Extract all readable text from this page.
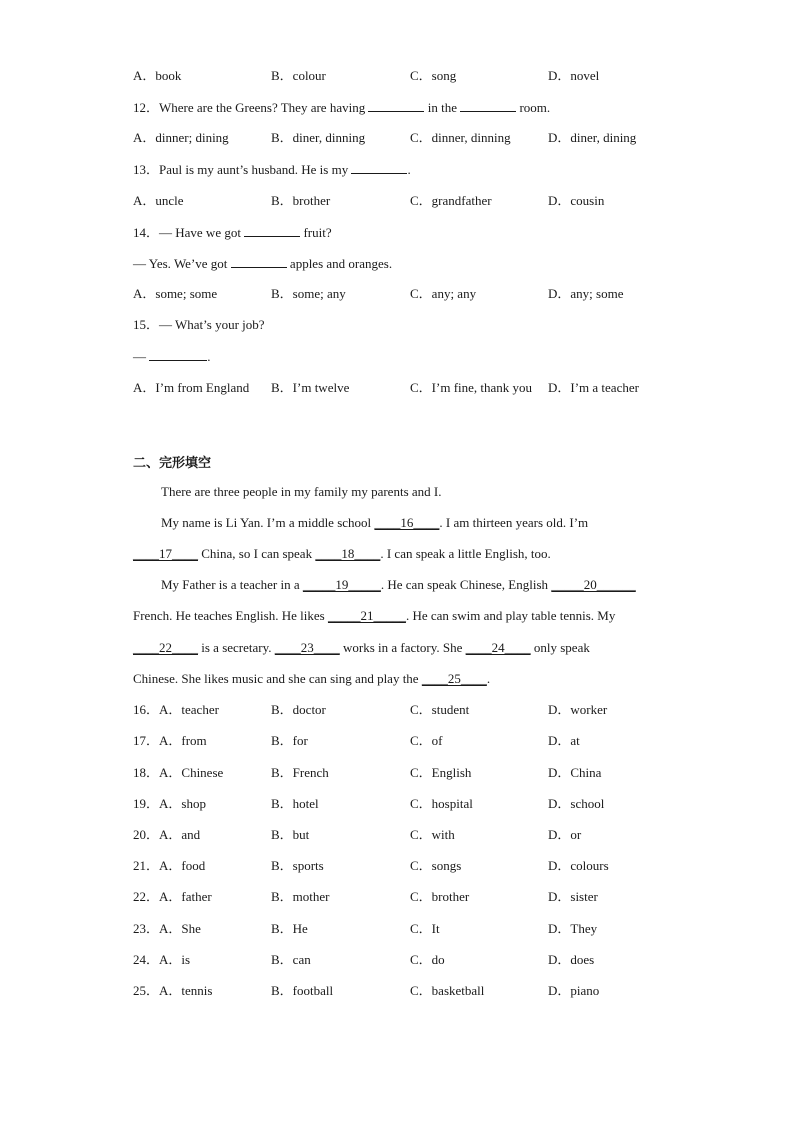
A．book	B．colour	C．song	D．novel
12．Where are the Greens? They are having	in the	room.
A．dinner; dining	B．diner, dinning	C．dinner, dinning	D．diner, dining
13．Paul is my aunt’s husband. He is my	.
A．uncle	B．brother	C．grandfather	D．cousin
14．— Have we got	fruit?
— Yes. We’ve got	apples and oranges.
A．some; some	B．some; any	C．any; any	D．any; some
15．— What’s your job?
—	.
A．I’m from England B．I’m twelve	C．I’m fine, thank you D．I’m a teacher
二、完形填空
There are three people in my family my parents and I.
My name is Li Yan. I’m a middle school ____16____. I am thirteen years old. I’m
____17____ China, so I can speak ____18____. I can speak a little English, too.
My Father is a teacher in a _____19_____. He can speak Chinese, English _____20______
French. He teaches English. He likes _____21_____. He can swim and play table tennis. My
____22____ is a secretary. ____23____ works in a factory. She ____24____ only speak
Chinese. She likes music and she can sing and play the ____25____.
16．A．teacher	B．doctor	C．student	D．worker
17．A．from	B．for	C．of	D．at
18．A．Chinese	B．French	C．English	D．China
19．A．shop	B．hotel	C．hospital	D．school
20．A．and	B．but	C．with	D．or
21．A．food	B．sports	C．songs	D．colours
22．A．father	B．mother	C．brother	D．sister
23．A．She	B．He	C．It	D．They
24．A．is	B．can	C．do	D．does
25．A．tennis	B．football	C．basketball	D．piano
